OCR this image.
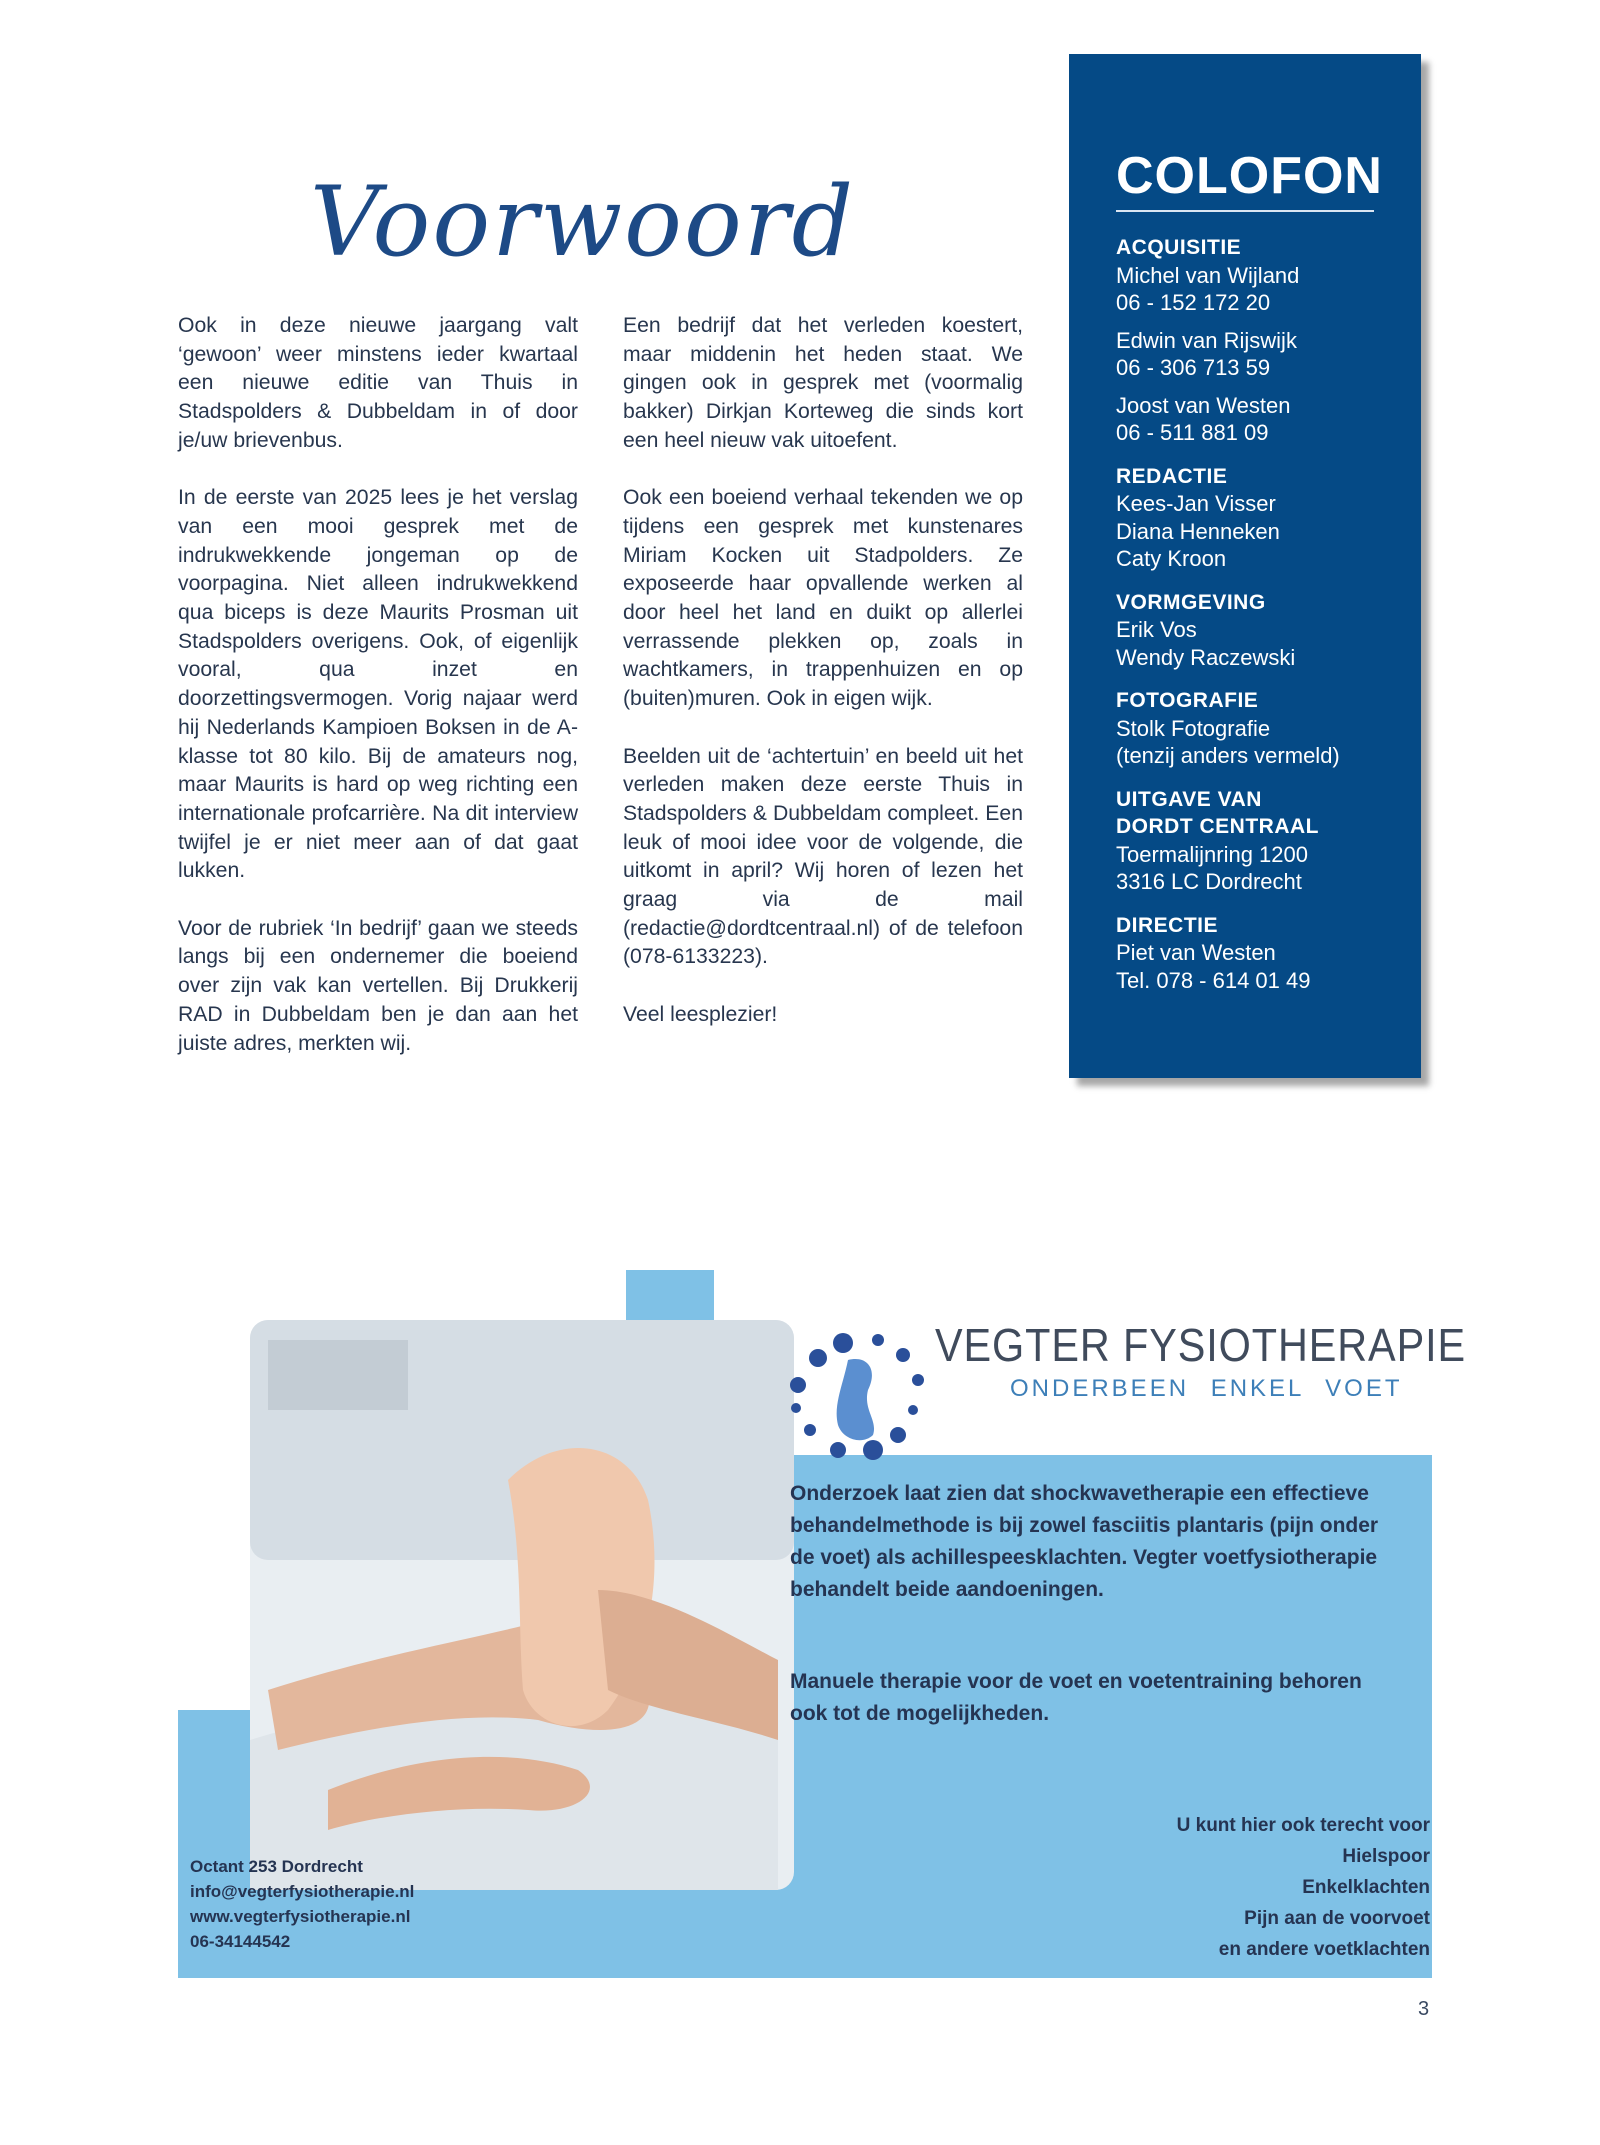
Voorwoord

Ook in deze nieuwe jaargang valt ‘gewoon’ weer minstens ieder kwartaal een nieuwe editie van Thuis in Stadspolders & Dubbeldam in of door je/uw brievenbus.

In de eerste van 2025 lees je het verslag van een mooi gesprek met de indrukwekkende jongeman op de voorpagina. Niet alleen indrukwekkend qua biceps is deze Maurits Prosman uit Stadspolders overigens. Ook, of eigenlijk vooral, qua inzet en doorzettingsvermogen. Vorig najaar werd hij Nederlands Kampioen Boksen in de A-klasse tot 80 kilo. Bij de amateurs nog, maar Maurits is hard op weg richting een internationale profcarrière. Na dit interview twijfel je er niet meer aan of dat gaat lukken.

Voor de rubriek ‘In bedrijf’ gaan we steeds langs bij een ondernemer die boeiend over zijn vak kan vertellen. Bij Drukkerij RAD in Dubbeldam ben je dan aan het juiste adres, merkten wij.

Een bedrijf dat het verleden koestert, maar middenin het heden staat. We gingen ook in gesprek met (voormalig bakker) Dirkjan Korteweg die sinds kort een heel nieuw vak uitoefent.

Ook een boeiend verhaal tekenden we op tijdens een gesprek met kunstenares Miriam Kocken uit Stadpolders. Ze exposeerde haar opvallende werken al door heel het land en duikt op allerlei verrassende plekken op, zoals in wachtkamers, in trappenhuizen en op (buiten)muren. Ook in eigen wijk.

Beelden uit de ‘achtertuin’ en beeld uit het verleden maken deze eerste Thuis in Stadspolders & Dubbeldam compleet. Een leuk of mooi idee voor de volgende, die uitkomt in april? Wij horen of lezen het graag via de mail (redactie@dordtcentraal.nl) of de telefoon (078-6133223).

Veel leesplezier!

COLOFON
ACQUISITIE
Michel van Wijland
06 - 152 172 20
Edwin van Rijswijk
06 - 306 713 59
Joost van Westen
06 - 511 881 09
REDACTIE
Kees-Jan Visser
Diana Henneken
Caty Kroon
VORMGEVING
Erik Vos
Wendy Raczewski
FOTOGRAFIE
Stolk Fotografie
(tenzij anders vermeld)
UITGAVE VAN
DORDT CENTRAAL
Toermalijnring 1200
3316 LC Dordrecht
DIRECTIE
Piet van Westen
Tel. 078 - 614 01 49
VEGTER FYSIOTHERAPIE
ONDERBEEN ENKEL VOET
Onderzoek laat zien dat shockwavetherapie een effectieve behandelmethode is bij zowel fasciitis plantaris (pijn onder de voet) als achillespeesklachten. Vegter voetfysiotherapie behandelt beide aandoeningen.
Manuele therapie voor de voet en voetentraining behoren ook tot de mogelijkheden.
U kunt hier ook terecht voor
Hielspoor
Enkelklachten
Pijn aan de voorvoet
en andere voetklachten
Octant 253 Dordrecht
info@vegterfysiotherapie.nl
www.vegterfysiotherapie.nl
06-34144542
3
